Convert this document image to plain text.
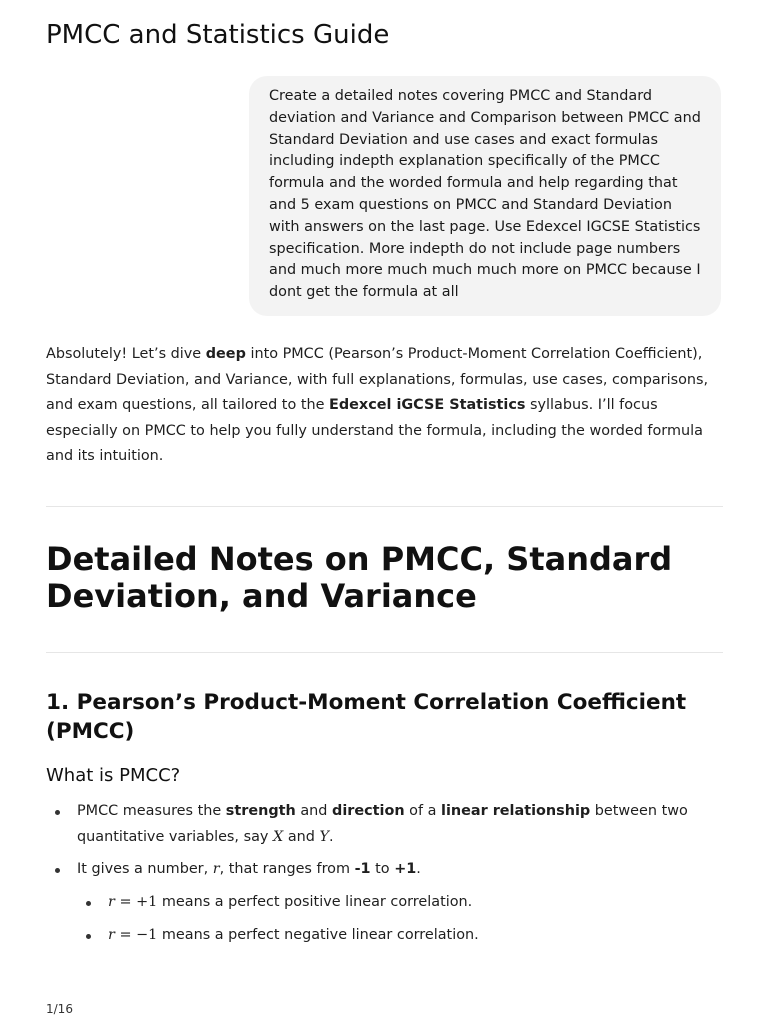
PMCC and Statistics Guide
Create a detailed notes covering PMCC and Standard deviation and Variance and Comparison between PMCC and Standard Deviation and use cases and exact formulas including indepth explanation specifically of the PMCC formula and the worded formula and help regarding that and 5 exam questions on PMCC and Standard Deviation with answers on the last page. Use Edexcel IGCSE Statistics specification. More indepth do not include page numbers and much more much much much more on PMCC because I dont get the formula at all

Absolutely! Let’s dive deep into PMCC (Pearson’s Product-Moment Correlation Coefficient), Standard Deviation, and Variance, with full explanations, formulas, use cases, comparisons, and exam questions, all tailored to the Edexcel iGCSE Statistics syllabus. I’ll focus especially on PMCC to help you fully understand the formula, including the worded formula and its intuition.

Detailed Notes on PMCC, Standard Deviation, and Variance
1. Pearson’s Product-Moment Correlation Coefficient (PMCC)
What is PMCC?
PMCC measures the strength and direction of a linear relationship between two quantitative variables, say X and Y.
It gives a number, r, that ranges from -1 to +1.
r = +1 means a perfect positive linear correlation.
r = −1 means a perfect negative linear correlation.
1/16
